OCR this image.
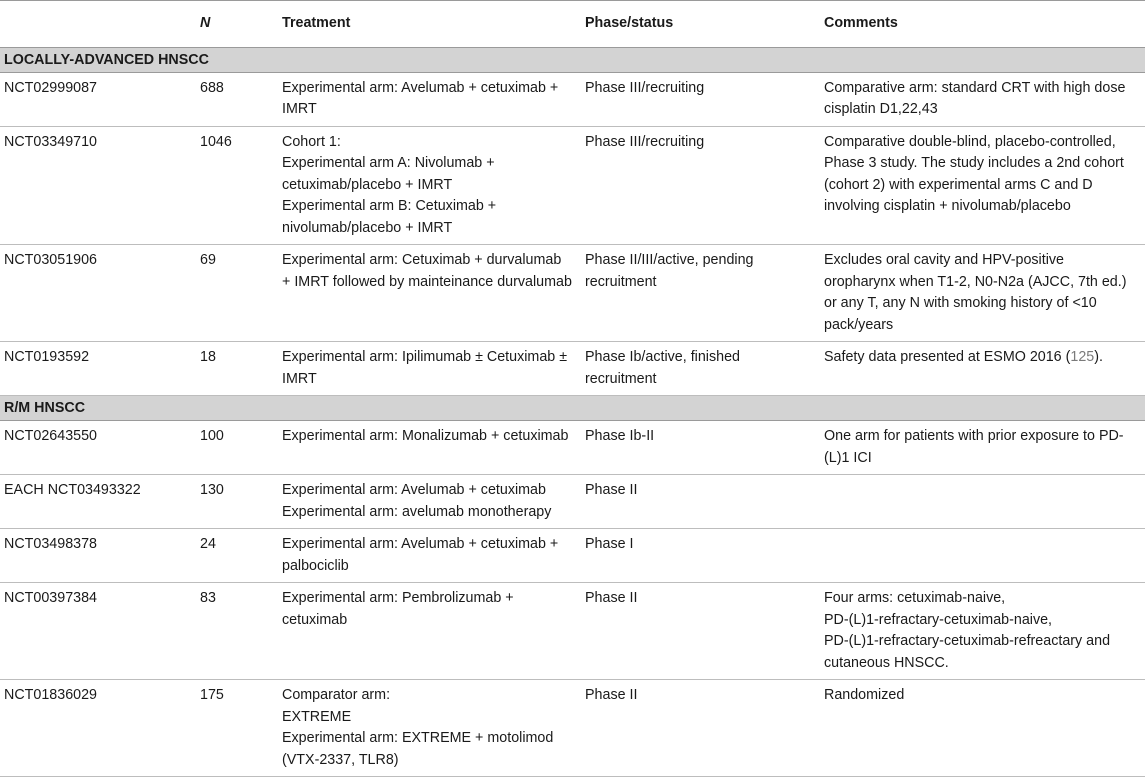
	N	Treatment	Phase/status	Comments
LOCALLY-ADVANCED HNSCC				
NCT02999087	688	Experimental arm: Avelumab + cetuximab + IMRT	Phase III/recruiting	Comparative arm: standard CRT with high dose cisplatin D1,22,43
NCT03349710	1046	Cohort 1:
Experimental arm A: Nivolumab + cetuximab/placebo + IMRT
Experimental arm B: Cetuximab + nivolumab/placebo + IMRT	Phase III/recruiting	Comparative double-blind, placebo-controlled, Phase 3 study. The study includes a 2nd cohort (cohort 2) with experimental arms C and D involving cisplatin + nivolumab/placebo
NCT03051906	69	Experimental arm: Cetuximab + durvalumab + IMRT followed by mainteinance durvalumab	Phase II/III/active, pending recruitment	Excludes oral cavity and HPV-positive oropharynx when T1-2, N0-N2a (AJCC, 7th ed.) or any T, any N with smoking history of <10 pack/years
NCT0193592	18	Experimental arm: Ipilimumab ± Cetuximab ± IMRT	Phase Ib/active, finished recruitment	Safety data presented at ESMO 2016 (125).
R/M HNSCC				
NCT02643550	100	Experimental arm: Monalizumab + cetuximab	Phase Ib-II	One arm for patients with prior exposure to PD-(L)1 ICI
EACH NCT03493322	130	Experimental arm: Avelumab + cetuximab Experimental arm: avelumab monotherapy	Phase II	
NCT03498378	24	Experimental arm: Avelumab + cetuximab + palbociclib	Phase I	
NCT00397384	83	Experimental arm: Pembrolizumab + cetuximab	Phase II	Four arms: cetuximab-naive,
PD-(L)1-refractary-cetuximab-naive,
PD-(L)1-refractary-cetuximab-refreactary and cutaneous HNSCC.

NCT01836029	175	Comparator arm:
EXTREME
Experimental arm: EXTREME + motolimod (VTX-2337, TLR8)	Phase II	Randomized
